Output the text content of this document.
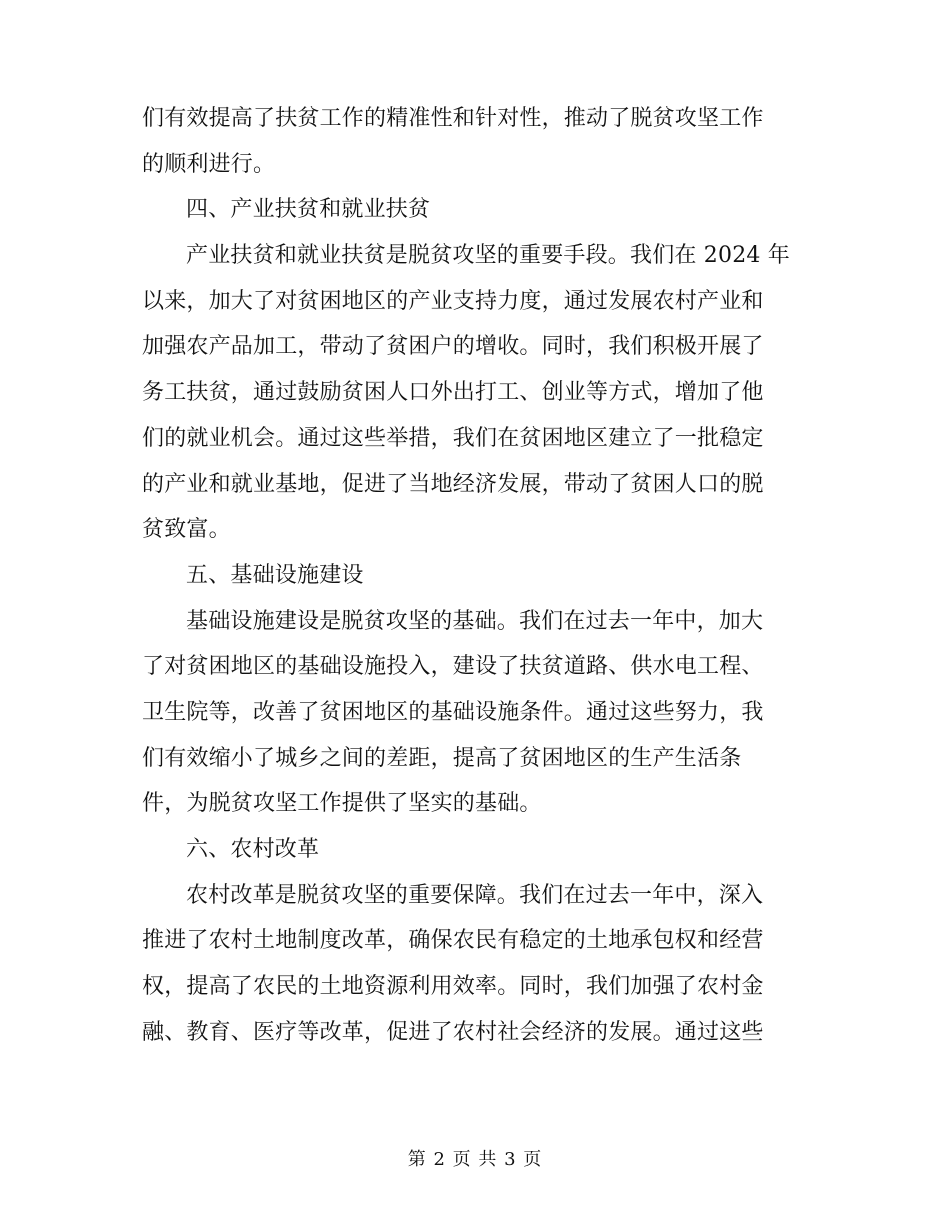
们有效提高了扶贫工作的精准性和针对性，推动了脱贫攻坚工作
的顺利进行。
四、产业扶贫和就业扶贫
产业扶贫和就业扶贫是脱贫攻坚的重要手段。我们在 2024 年
以来，加大了对贫困地区的产业支持力度，通过发展农村产业和
加强农产品加工，带动了贫困户的增收。同时，我们积极开展了
务工扶贫，通过鼓励贫困人口外出打工、创业等方式，增加了他
们的就业机会。通过这些举措，我们在贫困地区建立了一批稳定
的产业和就业基地，促进了当地经济发展，带动了贫困人口的脱
贫致富。
五、基础设施建设
基础设施建设是脱贫攻坚的基础。我们在过去一年中，加大
了对贫困地区的基础设施投入，建设了扶贫道路、供水电工程、
卫生院等，改善了贫困地区的基础设施条件。通过这些努力，我
们有效缩小了城乡之间的差距，提高了贫困地区的生产生活条
件，为脱贫攻坚工作提供了坚实的基础。
六、农村改革
农村改革是脱贫攻坚的重要保障。我们在过去一年中，深入
推进了农村土地制度改革，确保农民有稳定的土地承包权和经营
权，提高了农民的土地资源利用效率。同时，我们加强了农村金
融、教育、医疗等改革，促进了农村社会经济的发展。通过这些
第 2 页 共 3 页
